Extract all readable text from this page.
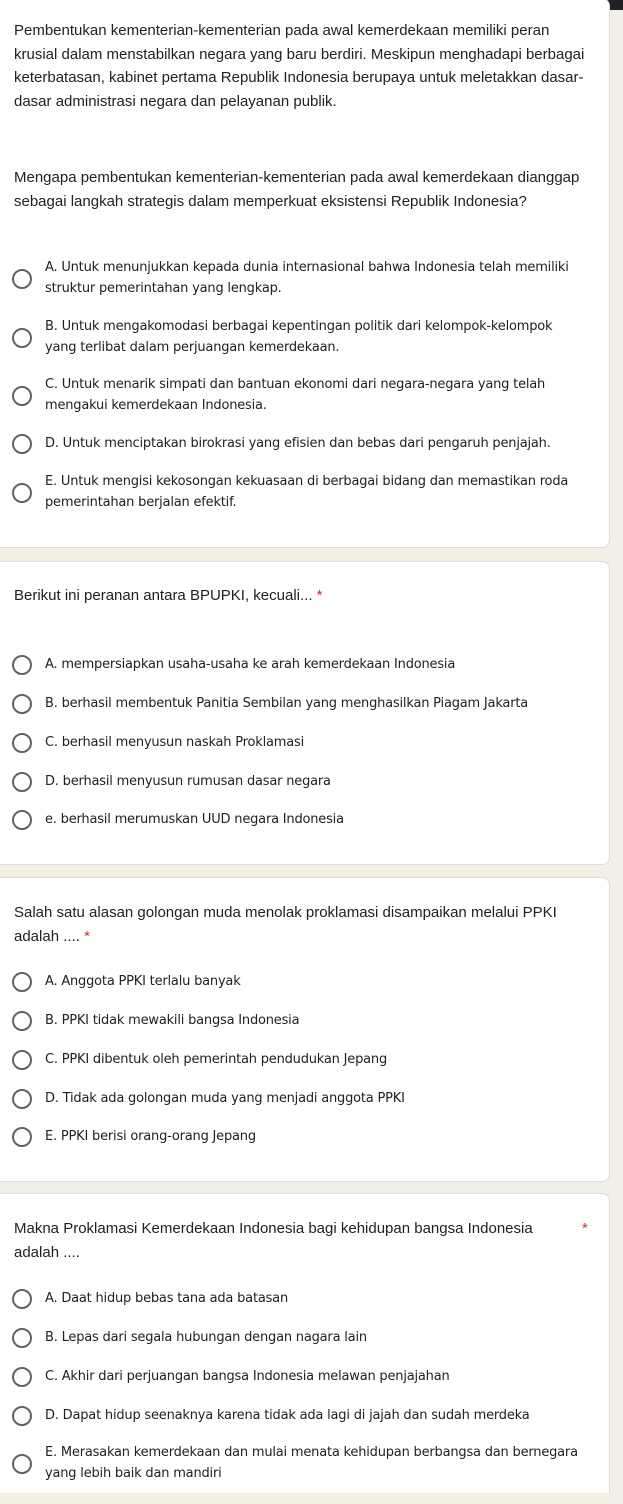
Pembentukan kementerian-kementerian pada awal kemerdekaan memiliki peran krusial dalam menstabilkan negara yang baru berdiri. Meskipun menghadapi berbagai keterbatasan, kabinet pertama Republik Indonesia berupaya untuk meletakkan dasar-dasar administrasi negara dan pelayanan publik.
Mengapa pembentukan kementerian-kementerian pada awal kemerdekaan dianggap sebagai langkah strategis dalam memperkuat eksistensi Republik Indonesia?
A. Untuk menunjukkan kepada dunia internasional bahwa Indonesia telah memiliki struktur pemerintahan yang lengkap.
B. Untuk mengakomodasi berbagai kepentingan politik dari kelompok-kelompok yang terlibat dalam perjuangan kemerdekaan.
C. Untuk menarik simpati dan bantuan ekonomi dari negara-negara yang telah mengakui kemerdekaan Indonesia.
D. Untuk menciptakan birokrasi yang efisien dan bebas dari pengaruh penjajah.
E. Untuk mengisi kekosongan kekuasaan di berbagai bidang dan memastikan roda pemerintahan berjalan efektif.
Berikut ini peranan antara BPUPKI, kecuali... *
A. mempersiapkan usaha-usaha ke arah kemerdekaan Indonesia
B. berhasil membentuk Panitia Sembilan yang menghasilkan Piagam Jakarta
C. berhasil menyusun naskah Proklamasi
D. berhasil menyusun rumusan dasar negara
e. berhasil merumuskan UUD negara Indonesia
Salah satu alasan golongan muda menolak proklamasi disampaikan melalui PPKI adalah .... *
A. Anggota PPKI terlalu banyak
B. PPKI tidak mewakili bangsa Indonesia
C. PPKI dibentuk oleh pemerintah pendudukan Jepang
D. Tidak ada golongan muda yang menjadi anggota PPKI
E. PPKI berisi orang-orang Jepang
Makna Proklamasi Kemerdekaan Indonesia bagi kehidupan bangsa Indonesia adalah ....
*
A. Daat hidup bebas tana ada batasan
B. Lepas dari segala hubungan dengan nagara lain
C. Akhir dari perjuangan bangsa Indonesia melawan penjajahan
D. Dapat hidup seenaknya karena tidak ada lagi di jajah dan sudah merdeka
E. Merasakan kemerdekaan dan mulai menata kehidupan berbangsa dan bernegara yang lebih baik dan mandiri
